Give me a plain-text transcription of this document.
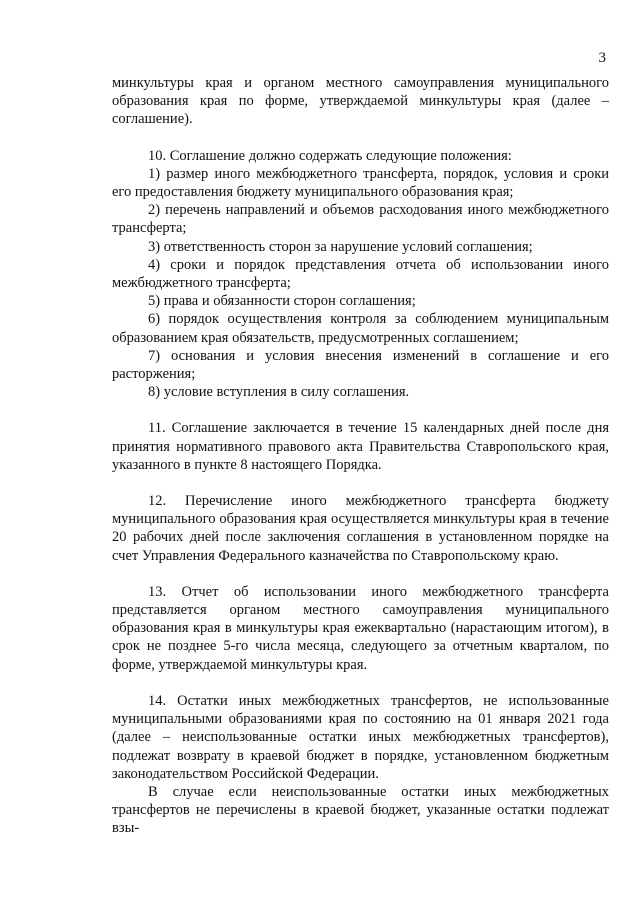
3

минкультуры края и органом местного самоуправления муниципального образования края по форме, утверждаемой минкультуры края (далее – соглашение).

10. Соглашение должно содержать следующие положения:

1) размер иного межбюджетного трансферта, порядок, условия и сроки его предоставления бюджету муниципального образования края;

2) перечень направлений и объемов расходования иного межбюджетного трансферта;

3) ответственность сторон за нарушение условий соглашения;

4) сроки и порядок представления отчета об использовании иного межбюджетного трансферта;

5) права и обязанности сторон соглашения;

6) порядок осуществления контроля за соблюдением муниципальным образованием края обязательств, предусмотренных соглашением;

7) основания и условия внесения изменений в соглашение и его расторжения;

8) условие вступления в силу соглашения.

11. Соглашение заключается в течение 15 календарных дней после дня принятия нормативного правового акта Правительства Ставропольского края, указанного в пункте 8 настоящего Порядка.

12. Перечисление иного межбюджетного трансферта бюджету муниципального образования края осуществляется минкультуры края в течение 20 рабочих дней после заключения соглашения в установленном порядке на счет Управления Федерального казначейства по Ставропольскому краю.

13. Отчет об использовании иного межбюджетного трансферта представляется органом местного самоуправления муниципального образования края в минкультуры края ежеквартально (нарастающим итогом), в срок не позднее 5-го числа месяца, следующего за отчетным кварталом, по форме, утверждаемой минкультуры края.

14. Остатки иных межбюджетных трансфертов, не использованные муниципальными образованиями края по состоянию на 01 января 2021 года (далее – неиспользованные остатки иных межбюджетных трансфертов), подлежат возврату в краевой бюджет в порядке, установленном бюджетным законодательством Российской Федерации.

В случае если неиспользованные остатки иных межбюджетных трансфертов не перечислены в краевой бюджет, указанные остатки подлежат взы-
